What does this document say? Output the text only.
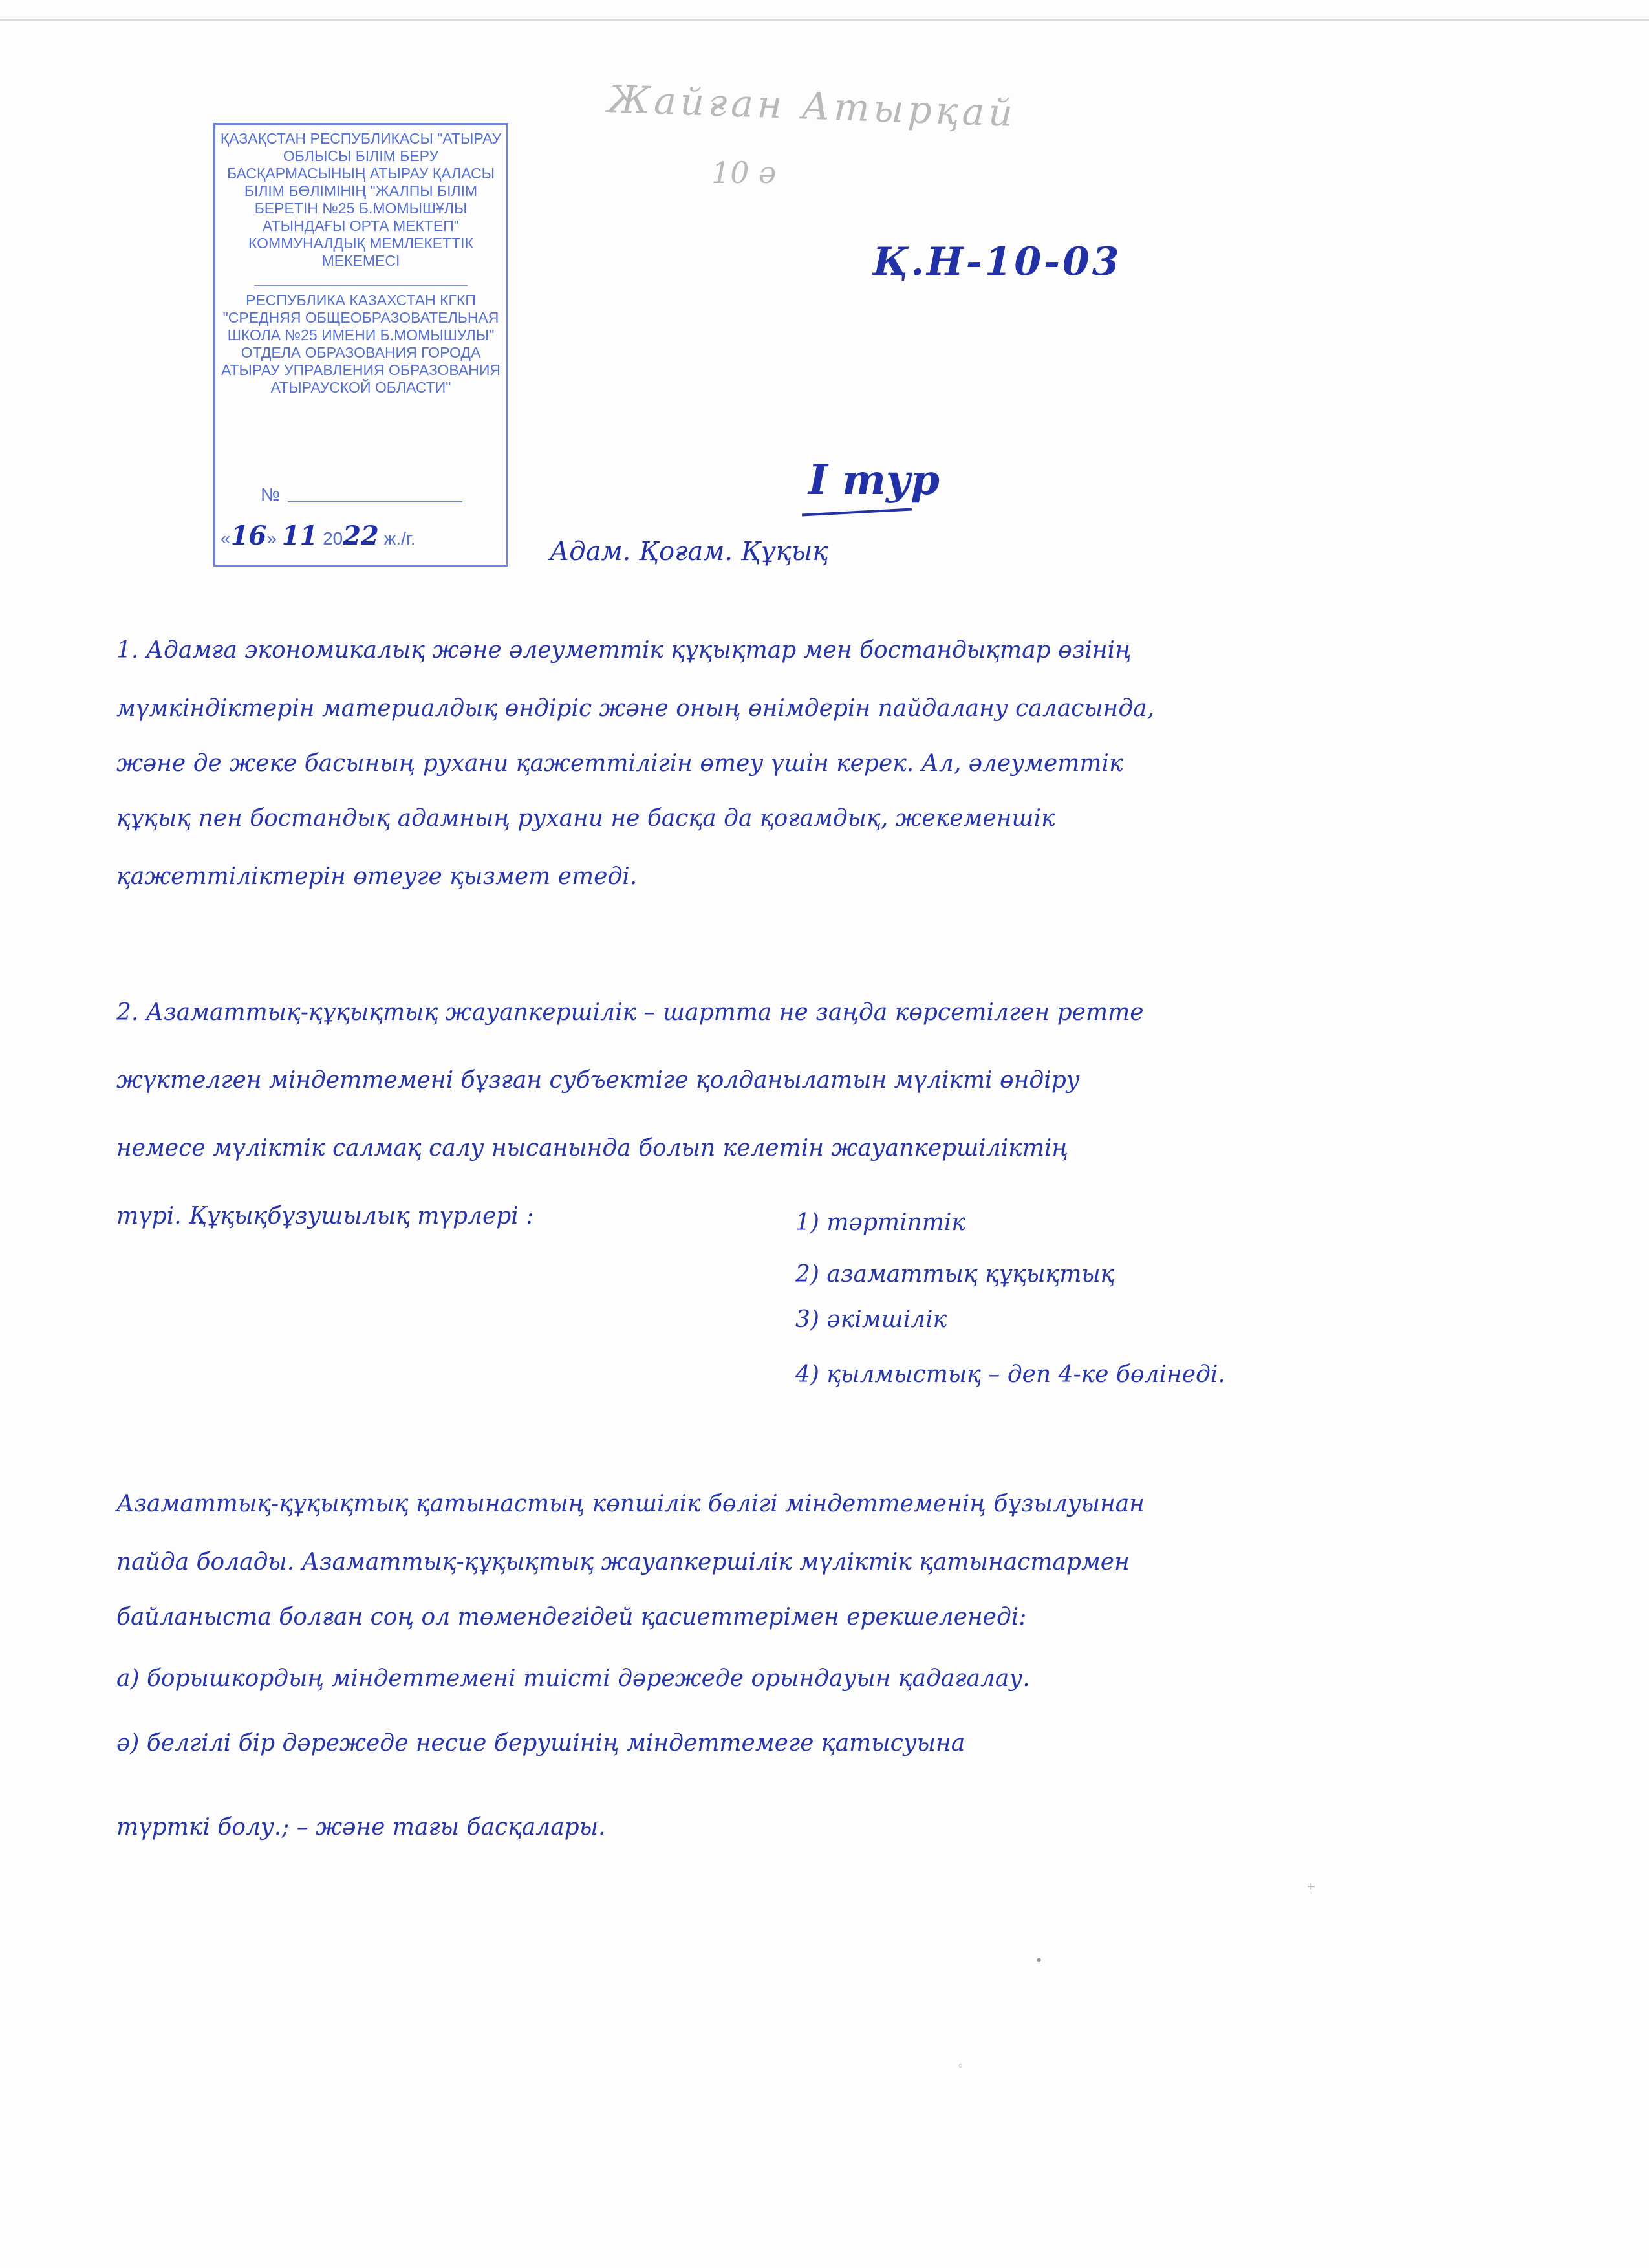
Жайған Атырқай
10 ә
ҚАЗАҚСТАН РЕСПУБЛИКАСЫ "АТЫРАУ ОБЛЫСЫ БІЛІМ БЕРУ БАСҚАРМАСЫНЫҢ АТЫРАУ ҚАЛАСЫ БІЛІМ БӨЛІМІНІҢ "ЖАЛПЫ БІЛІМ БЕРЕТІН №25 Б.МОМЫШҰЛЫ АТЫНДАҒЫ ОРТА МЕКТЕП" КОММУНАЛДЫҚ МЕМЛЕКЕТТІК МЕКЕМЕСІ
РЕСПУБЛИКА КАЗАХСТАН КГКП "СРЕДНЯЯ ОБЩЕОБРАЗОВАТЕЛЬНАЯ ШКОЛА №25 ИМЕНИ Б.МОМЫШУЛЫ" ОТДЕЛА ОБРАЗОВАНИЯ ГОРОДА АТЫРАУ УПРАВЛЕНИЯ ОБРАЗОВАНИЯ АТЫРАУСКОЙ ОБЛАСТИ"
№
«16» 11 2022 ж./г.
Қ.Н-10-03
I тур
Адам. Қоғам. Құқық
1. Адамға экономикалық және әлеуметтік құқықтар мен бостандықтар өзінің
мүмкіндіктерін материалдық өндіріс және оның өнімдерін пайдалану саласында,
және де жеке басының рухани қажеттілігін өтеу үшін керек. Ал, әлеуметтік
құқық пен бостандық адамның рухани не басқа да қоғамдық, жекеменшік
қажеттіліктерін өтеуге қызмет етеді.
2. Азаматтық-құқықтық жауапкершілік – шартта не заңда көрсетілген ретте
жүктелген міндеттемені бұзған субъектіге қолданылатын мүлікті өндіру
немесе мүліктік салмақ салу нысанында болып келетін жауапкершіліктің
түрі. Құқықбұзушылық түрлері :	1) тәртіптік
2) азаматтық құқықтық
3) әкімшілік
4) қылмыстық – деп 4-ке бөлінеді.
Азаматтық-құқықтық қатынастың көпшілік бөлігі міндеттеменің бұзылуынан
пайда болады. Азаматтық-құқықтық жауапкершілік мүліктік қатынастармен
байланыста болған соң ол төмендегідей қасиеттерімен ерекшеленеді:
а) борышкордың міндеттемені тиісті дәрежеде орындауын қадағалау.
ә) белгілі бір дәрежеде несие берушінің міндеттемеге қатысуына
түрткі болу.; – және тағы басқалары.
⁺
•
◦
